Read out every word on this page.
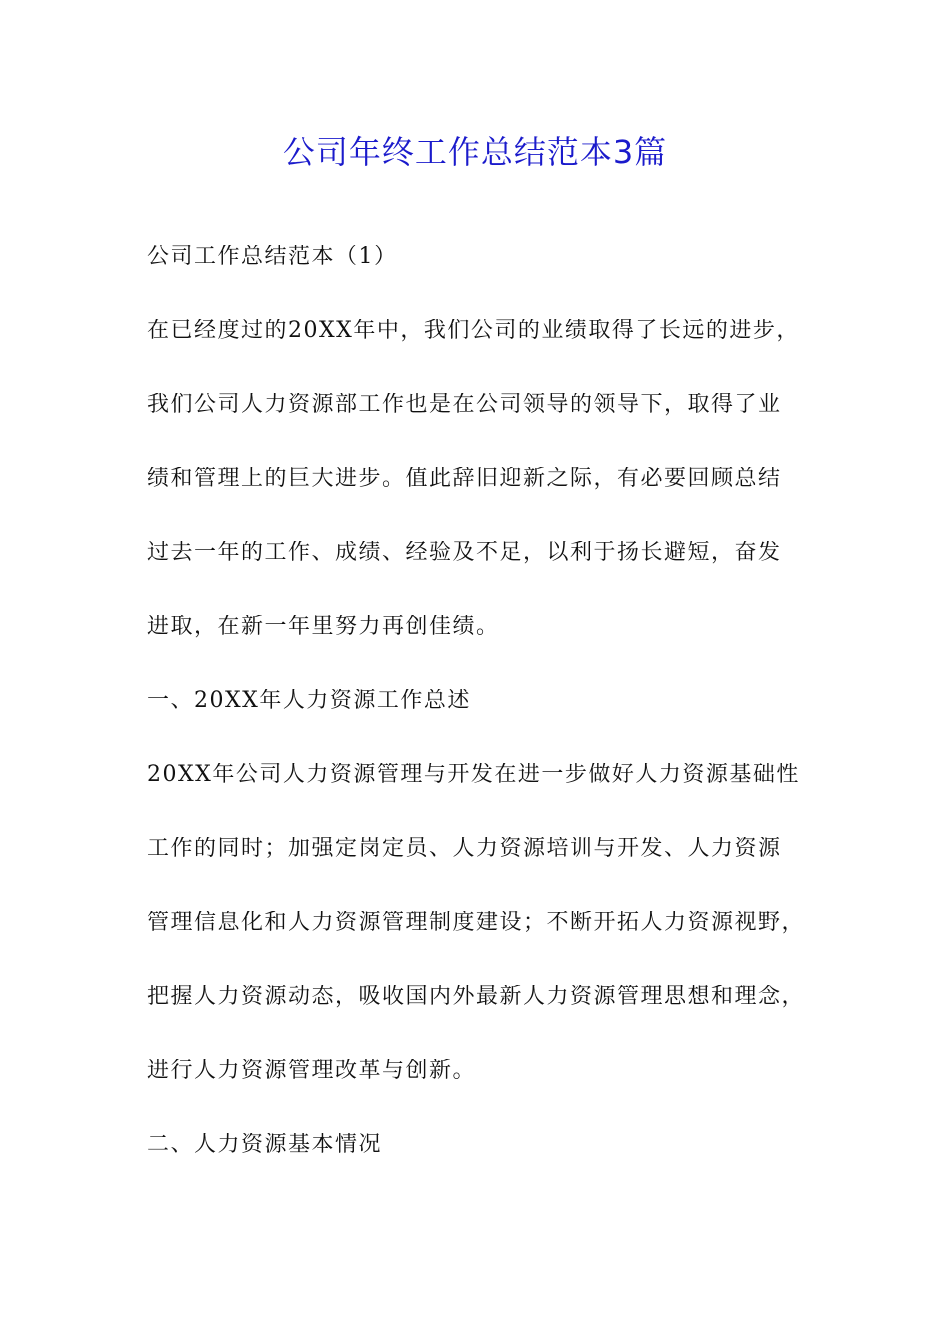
公司年终工作总结范本3篇
公司工作总结范本（1）
在已经度过的20XX年中，我们公司的业绩取得了长远的进步，
我们公司人力资源部工作也是在公司领导的领导下，取得了业
绩和管理上的巨大进步。值此辞旧迎新之际，有必要回顾总结
过去一年的工作、成绩、经验及不足，以利于扬长避短，奋发
进取，在新一年里努力再创佳绩。
一、20XX年人力资源工作总述
20XX年公司人力资源管理与开发在进一步做好人力资源基础性
工作的同时；加强定岗定员、人力资源培训与开发、人力资源
管理信息化和人力资源管理制度建设；不断开拓人力资源视野，
把握人力资源动态，吸收国内外最新人力资源管理思想和理念，
进行人力资源管理改革与创新。
二、人力资源基本情况
